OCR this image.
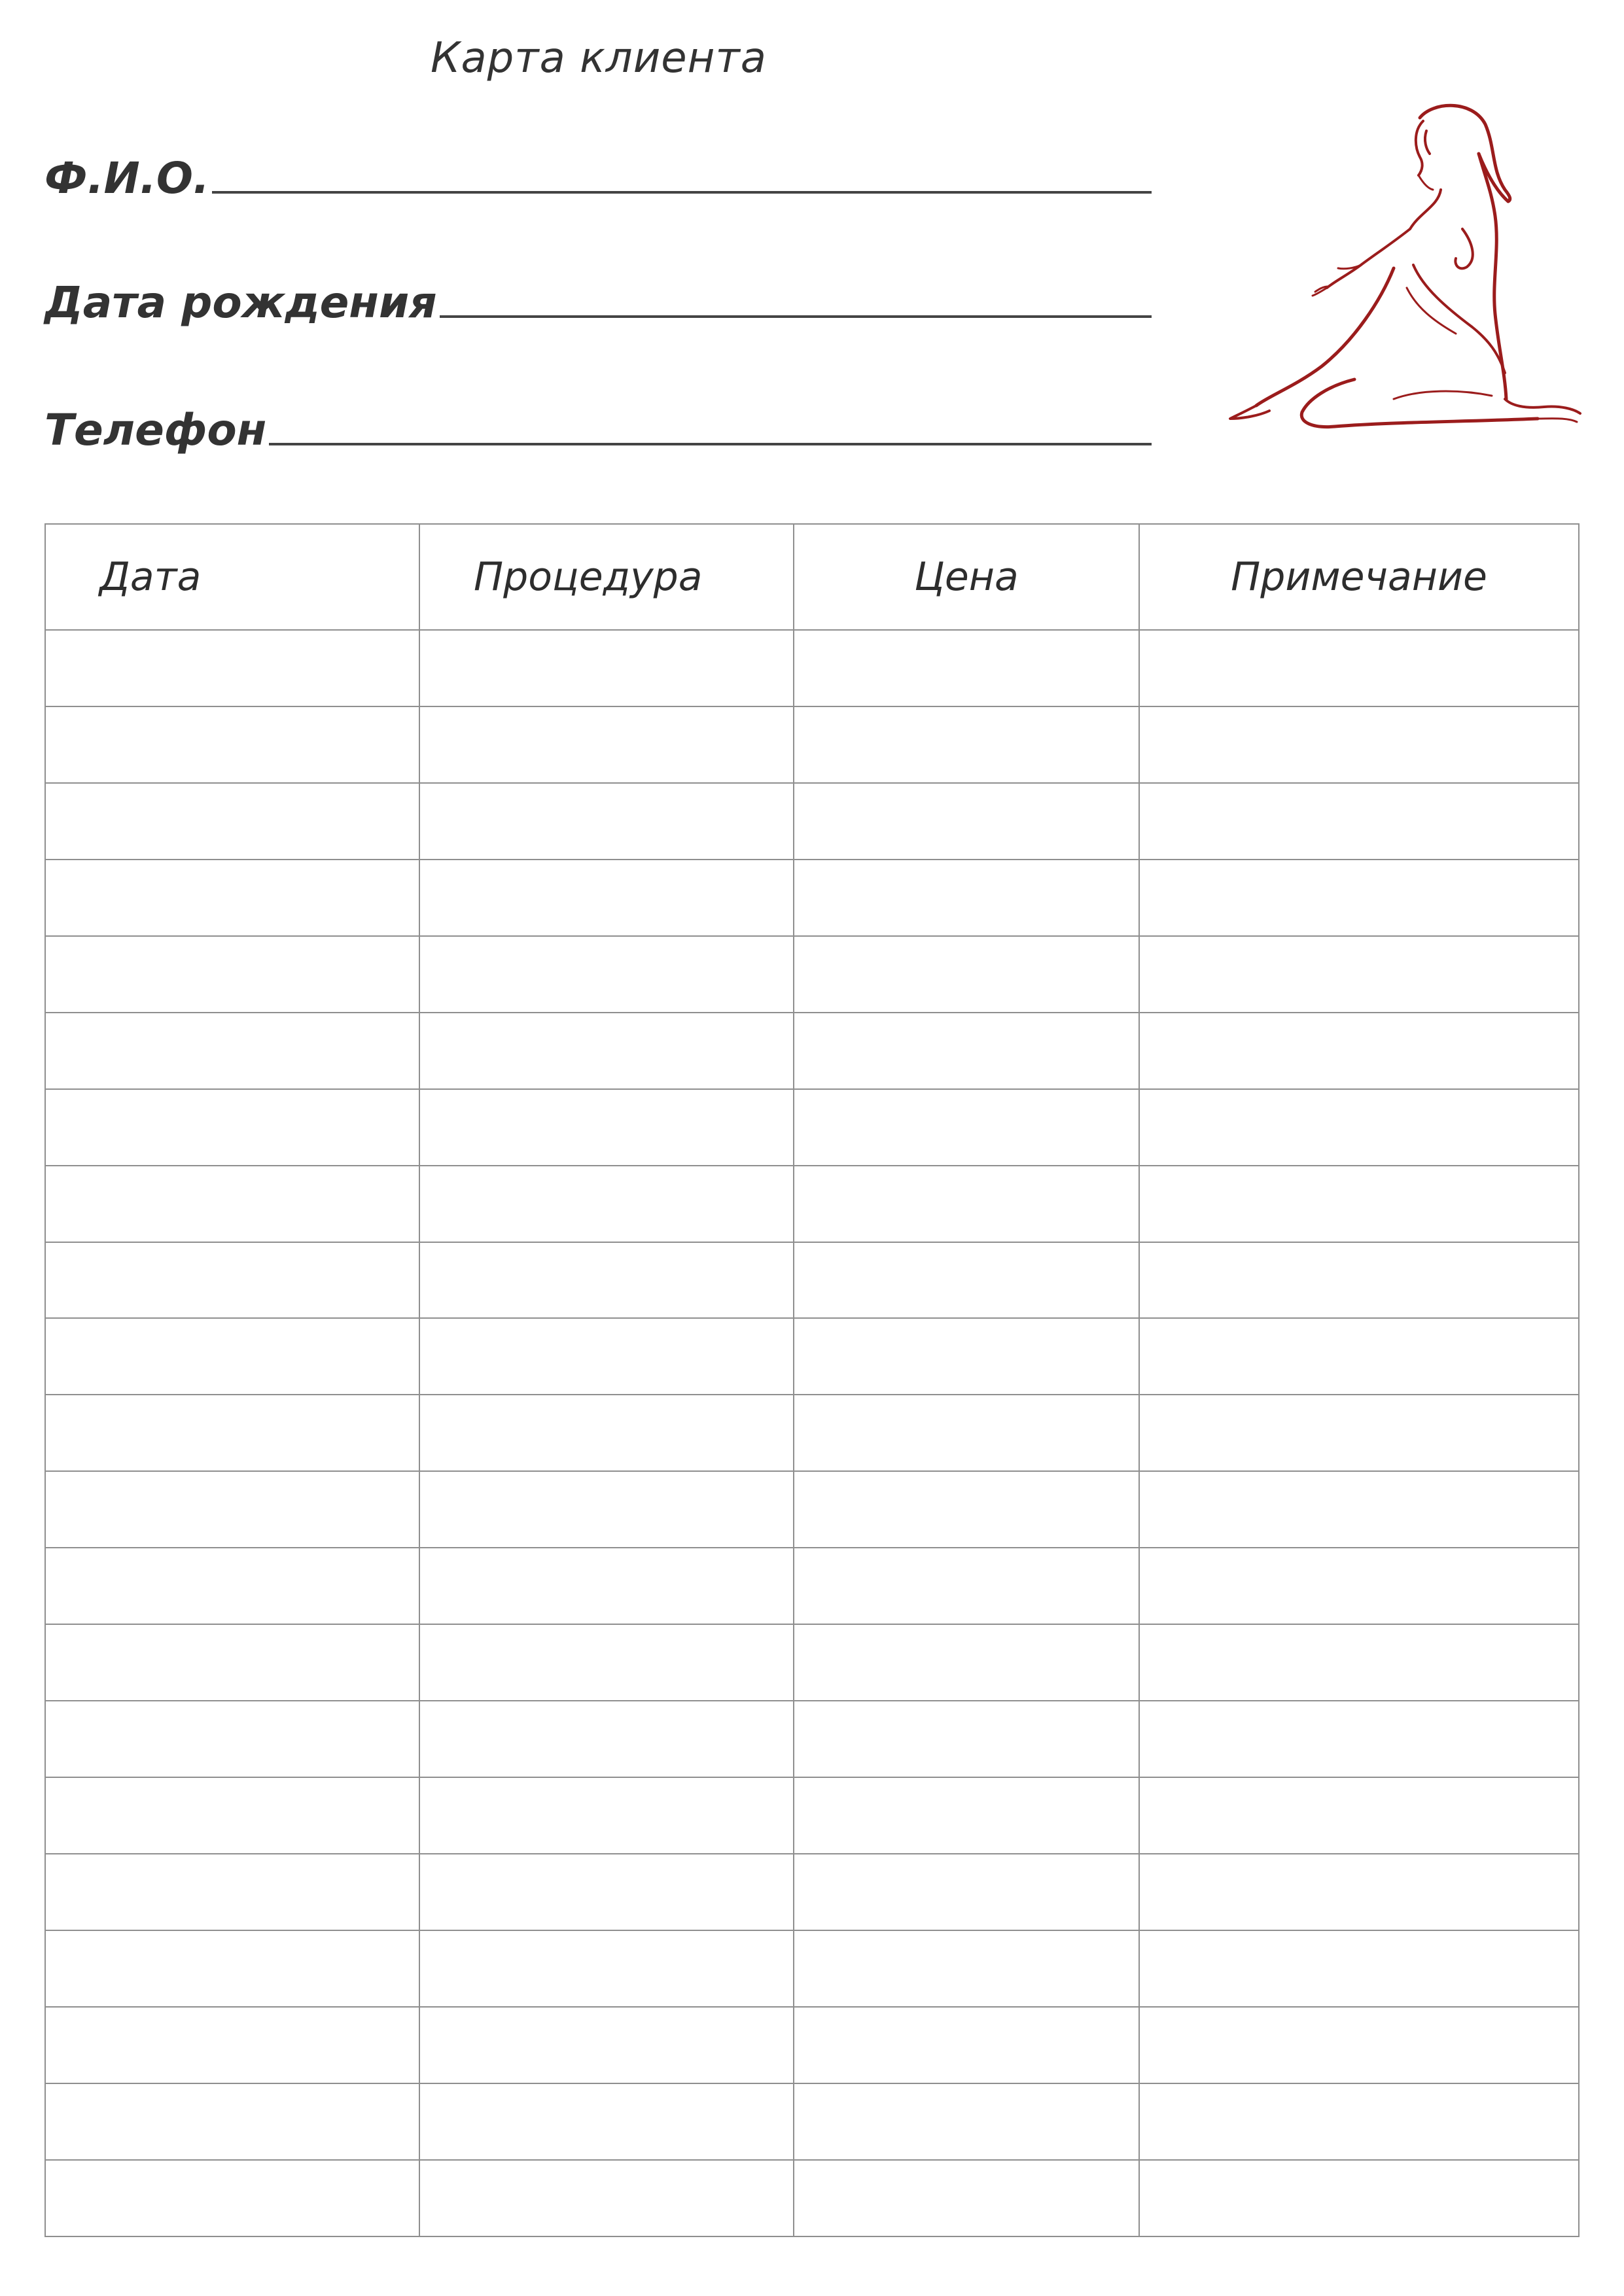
Карта клиента
Ф.И.О.
Дата рождения
Телефон
Дата	Процедура	Цена	Примечание
